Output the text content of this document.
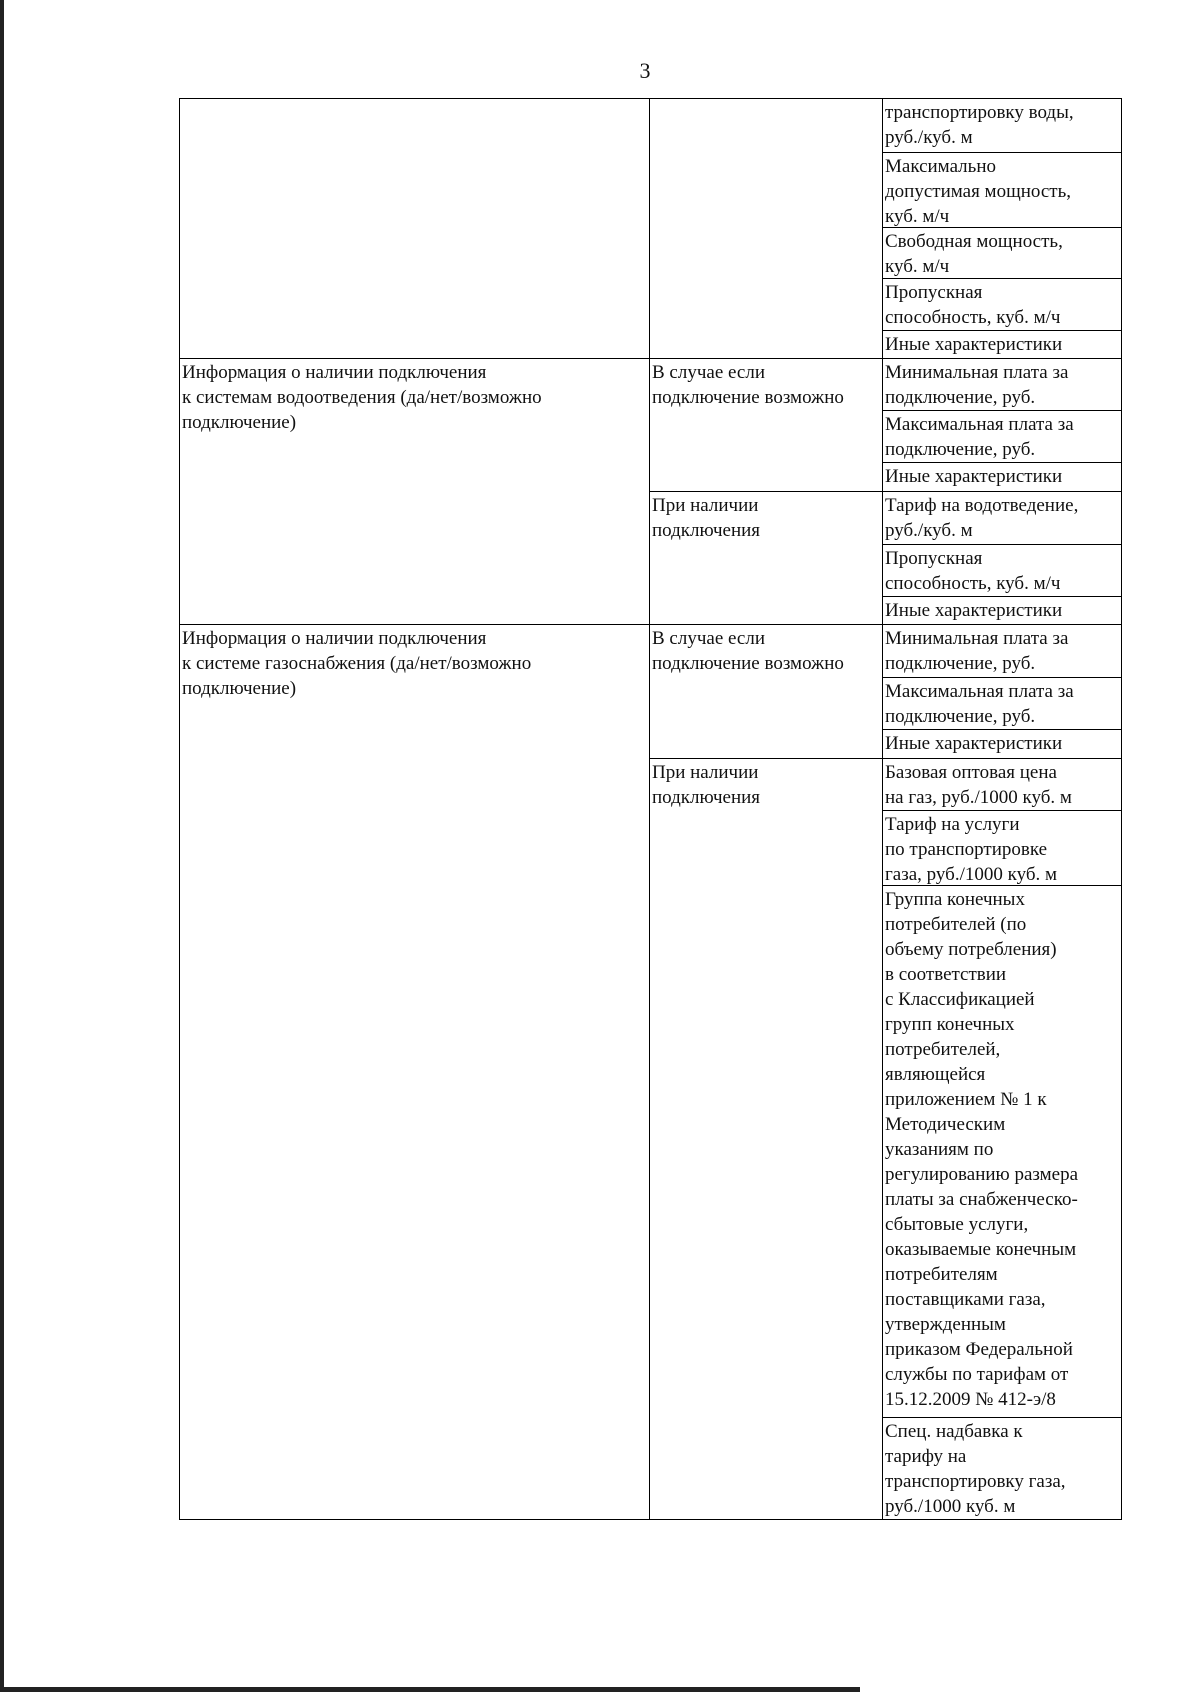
3
транспортировку воды,
руб./куб. м
Максимально
допустимая мощность,
куб. м/ч
Свободная мощность,
куб. м/ч
Пропускная
способность, куб. м/ч
Иные характеристики
Информация о наличии подключения
к системам водоотведения (да/нет/возможно
подключение)
В случае если
подключение возможно
Минимальная плата за
подключение, руб.
Максимальная плата за
подключение, руб.
Иные характеристики
При наличии
подключения
Тариф на водотведение,
руб./куб. м
Пропускная
способность, куб. м/ч
Иные характеристики
Информация о наличии подключения
к системе газоснабжения (да/нет/возможно
подключение)
В случае если
подключение возможно
Минимальная плата за
подключение, руб.
Максимальная плата за
подключение, руб.
Иные характеристики
При наличии
подключения
Базовая оптовая цена
на газ, руб./1000 куб. м
Тариф на услуги
по транспортировке
газа, руб./1000 куб. м
Группа конечных
потребителей (по
объему потребления)
в соответствии
с Классификацией
групп конечных
потребителей,
являющейся
приложением № 1 к
Методическим
указаниям по
регулированию размера
платы за снабженческо-
сбытовые услуги,
оказываемые конечным
потребителям
поставщиками газа,
утвержденным
приказом Федеральной
службы по тарифам от
15.12.2009 № 412-э/8
Спец. надбавка к
тарифу на
транспортировку газа,
руб./1000 куб. м
